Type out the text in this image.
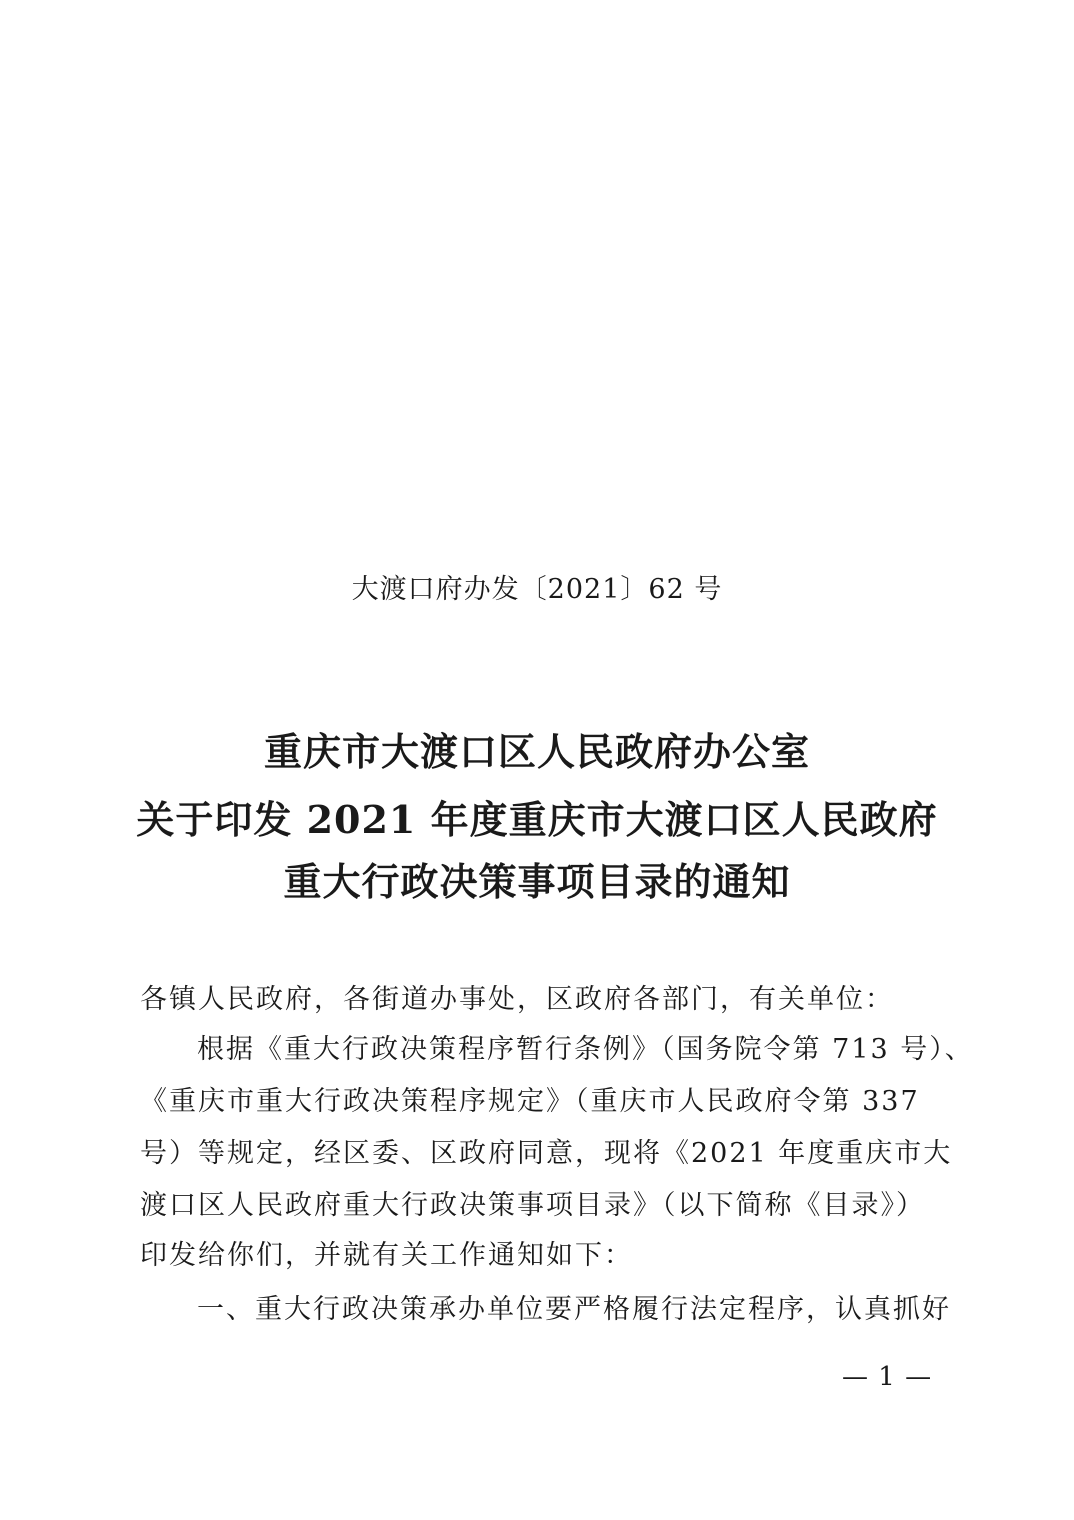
大渡口府办发〔2021〕62 号
重庆市大渡口区人民政府办公室
关于印发 2021 年度重庆市大渡口区人民政府
重大行政决策事项目录的通知
各镇人民政府，各街道办事处，区政府各部门，有关单位：
根据《重大行政决策程序暂行条例》（国务院令第 713 号）、
《重庆市重大行政决策程序规定》（重庆市人民政府令第 337
号）等规定，经区委、区政府同意，现将《2021 年度重庆市大
渡口区人民政府重大行政决策事项目录》（以下简称《目录》）
印发给你们，并就有关工作通知如下：
一、重大行政决策承办单位要严格履行法定程序，认真抓好
— 1 —
